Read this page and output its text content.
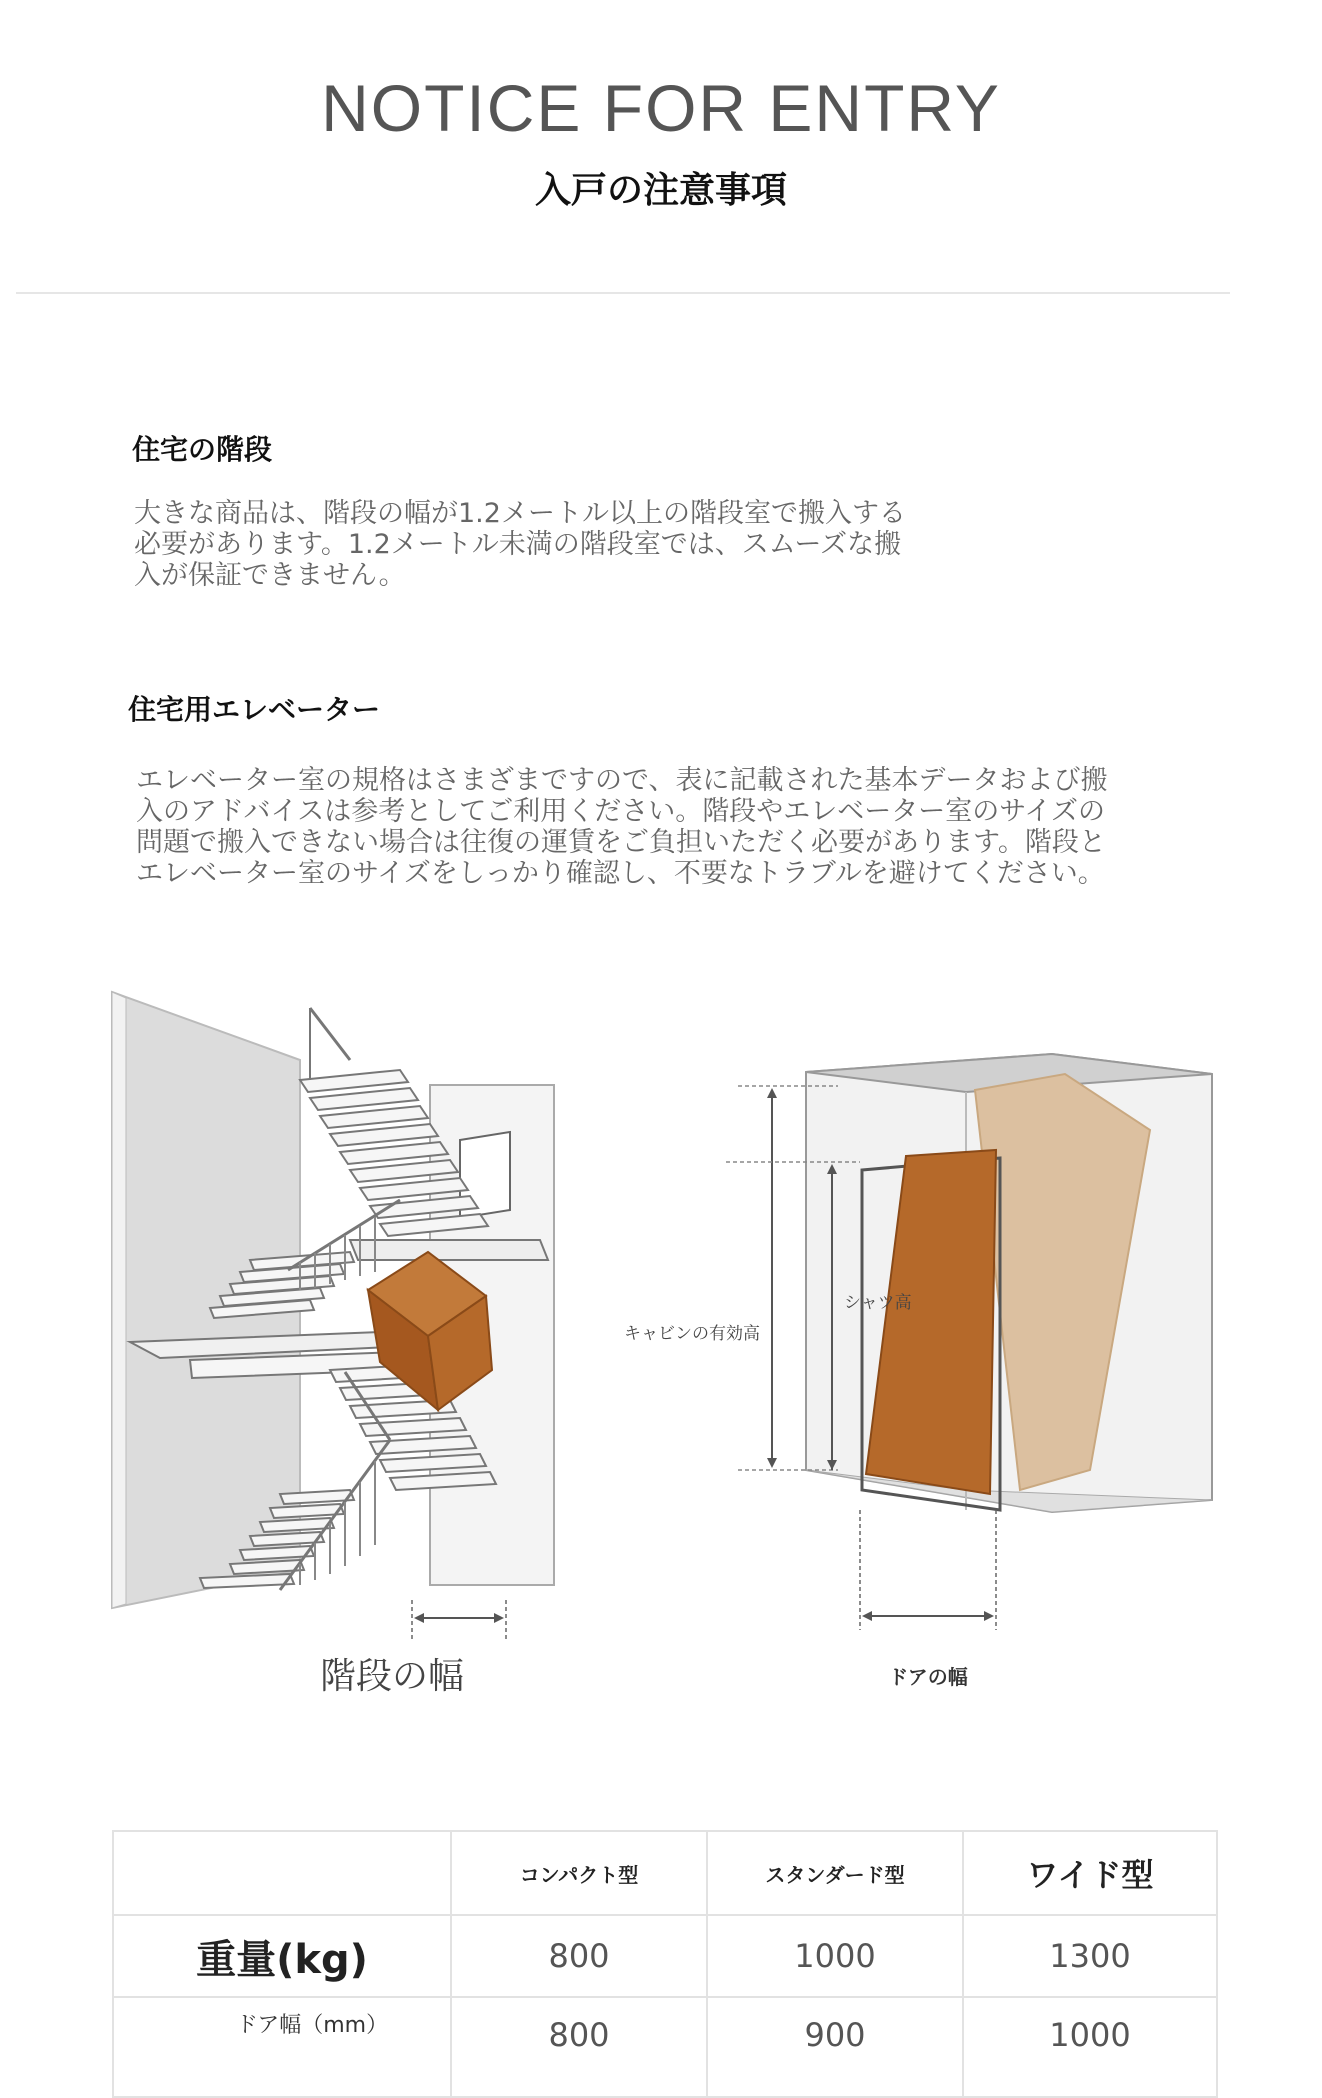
NOTICE FOR ENTRY
入戸の注意事項
住宅の階段
大きな商品は、階段の幅が1.2メートル以上の階段室で搬入する
必要があります。1.2メートル未満の階段室では、スムーズな搬
入が保証できません。
住宅用エレベーター
エレベーター室の規格はさまざまですので、表に記載された基本データおよび搬
入のアドバイスは参考としてご利用ください。階段やエレベーター室のサイズの
問題で搬入できない場合は往復の運賃をご負担いただく必要があります。階段と
エレベーター室のサイズをしっかり確認し、不要なトラブルを避けてください。
キャビンの有効高
シャツ高
階段の幅	ドアの幅
	コンパクト型	スタンダード型	ワイド型
重量(kg)	800	1000	1300
ドア幅（mm）	800	900	1000
